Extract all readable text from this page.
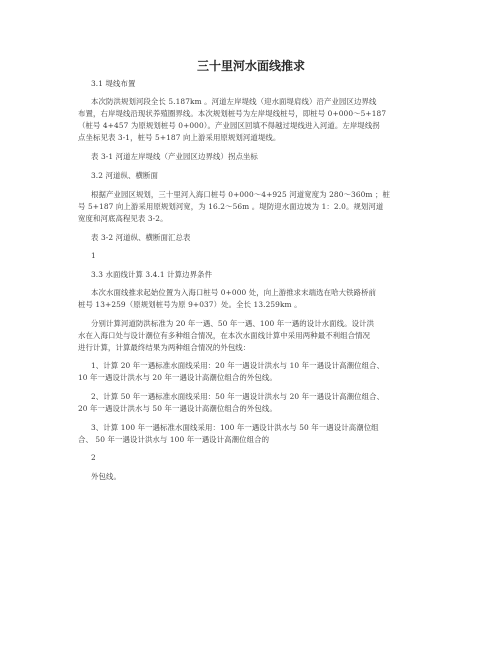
三十里河水面线推求
3.1 堤线布置
本次防洪规划河段全长 5.187km 。河道左岸堤线（迎水面堤肩线）沿产业园区边界线
布置，右岸堤线沿现状养殖圈界线。本次规划桩号为左岸堤线桩号，即桩号 0+000～5+187
（桩号 4+457 为原规划桩号 0+000）。产业园区回填不得越过堤线进入河道。左岸堤线拐
点坐标见表 3-1，桩号 5+187 向上游采用原规划河道堤线。
表 3-1 河道左岸堤线（产业园区边界线）拐点坐标
3.2 河道纵、横断面
根据产业园区规划，三十里河入海口桩号 0+000～4+925 河道宽度为 280～360m ；桩
号 5+187 向上游采用原规划河宽，为 16.2～56m 。堤防迎水面边坡为 1：2.0。规划河道
宽度和河底高程见表 3-2。
表 3-2 河道纵、横断面汇总表
1
3.3 水面线计算 3.4.1 计算边界条件
本次水面线推求起始位置为入海口桩号 0+000 处，向上游推求末端选在哈大铁路桥前
桩号 13+259（原规划桩号为原 9+037）处。全长 13.259km 。
分别计算河道防洪标准为 20 年一遇、50 年一遇、100 年一遇的设计水面线。设计洪
水在入海口处与设计潮位有多种组合情况，在本次水面线计算中采用两种最不利组合情况
进行计算，计算最终结果为两种组合情况的外包线：
1、计算 20 年一遇标准水面线采用：20 年一遇设计洪水与 10 年一遇设计高潮位组合、
10 年一遇设计洪水与 20 年一遇设计高潮位组合的外包线。
2、计算 50 年一遇标准水面线采用：50 年一遇设计洪水与 20 年一遇设计高潮位组合、
20 年一遇设计洪水与 50 年一遇设计高潮位组合的外包线。
3、计算 100 年一遇标准水面线采用：100 年一遇设计洪水与 50 年一遇设计高潮位组
合、 50 年一遇设计洪水与 100 年一遇设计高潮位组合的
2
外包线。
